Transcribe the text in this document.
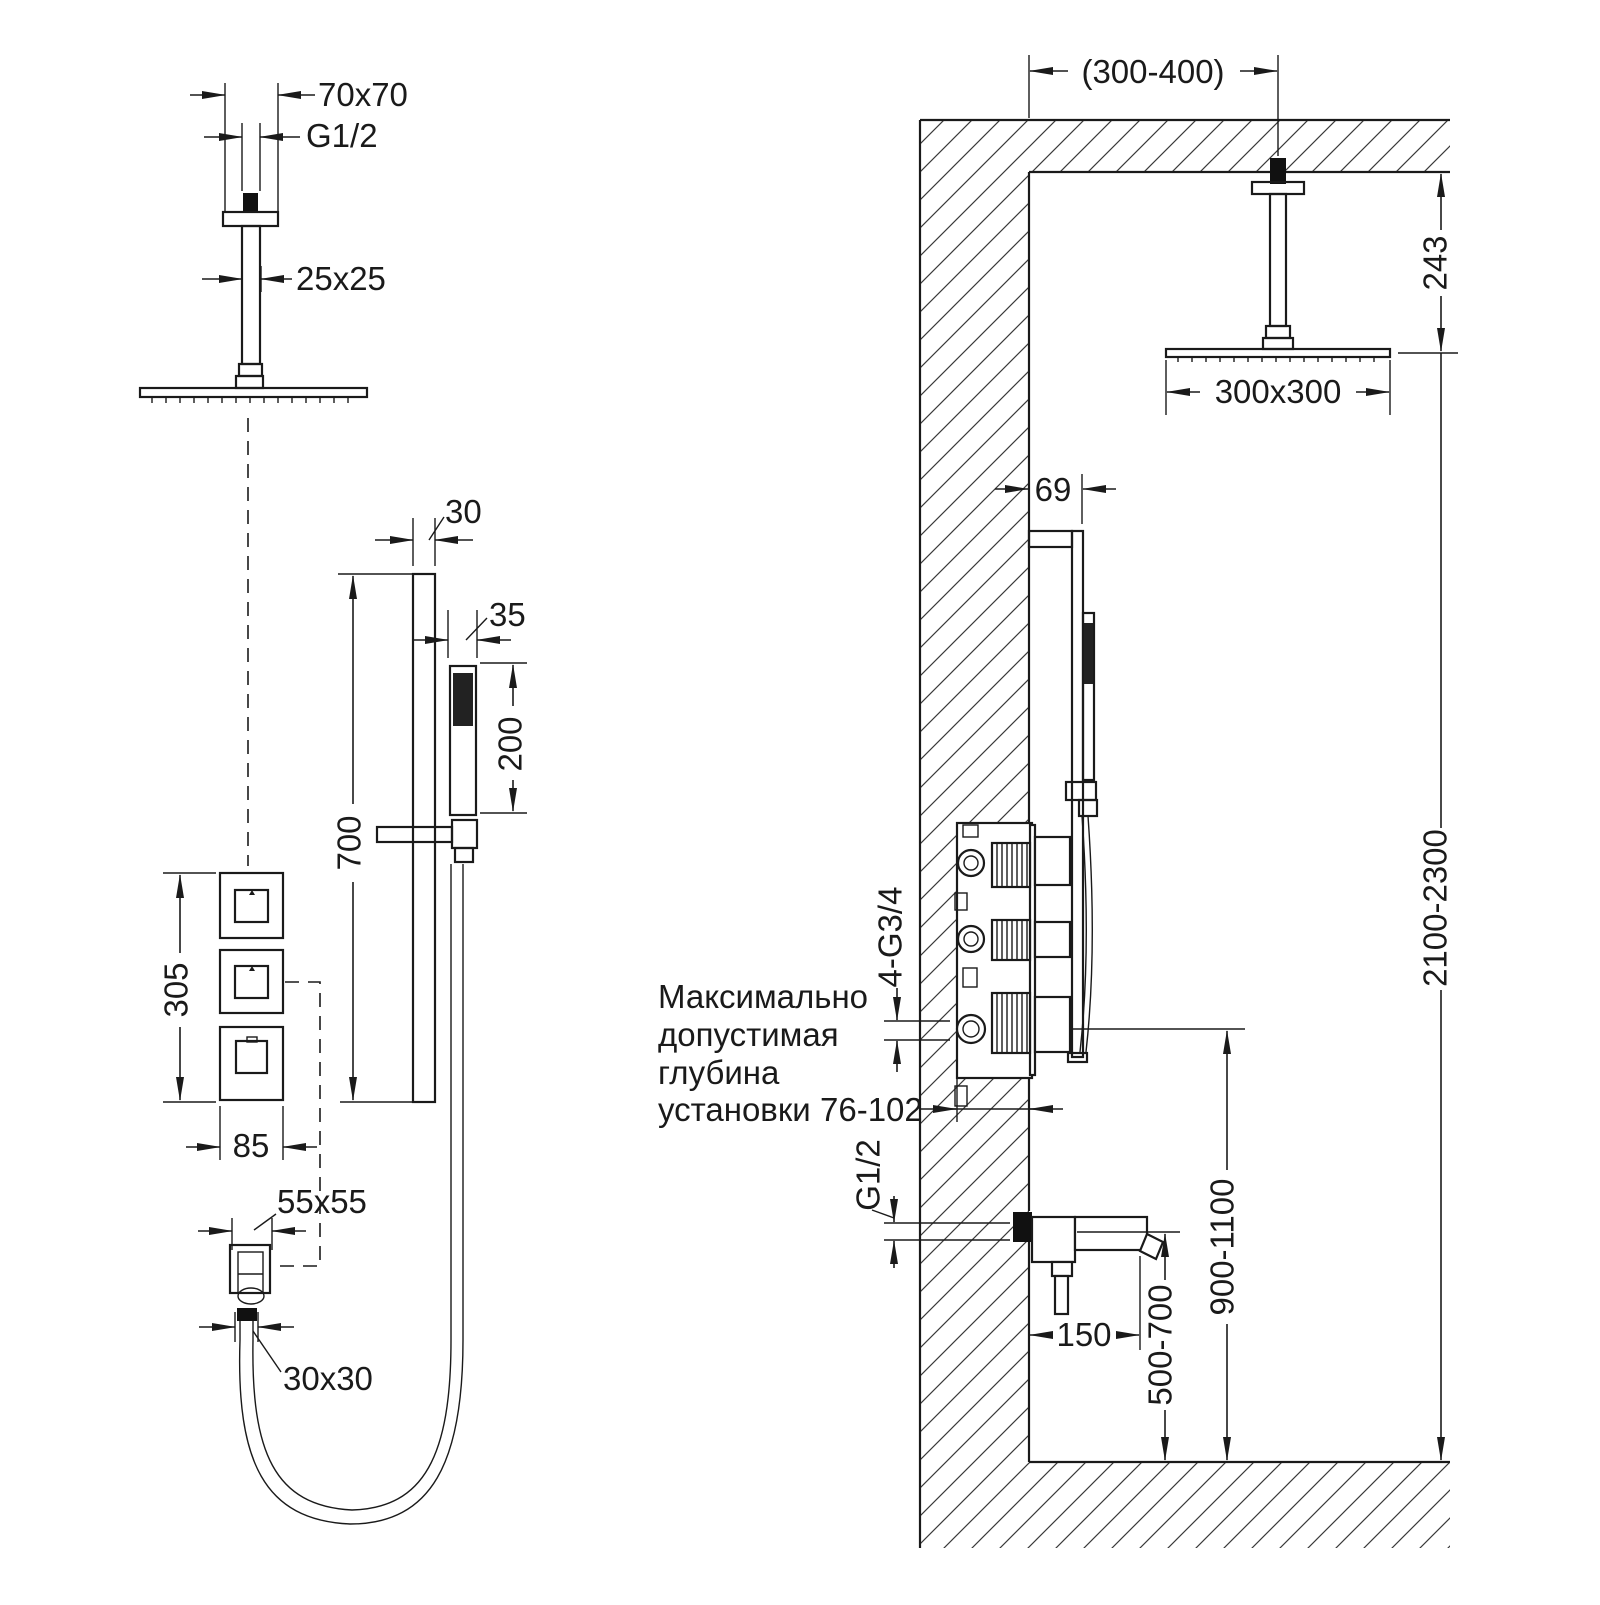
70x70
G1/2
25x25
30
35
200
700
305
85
55x55
30x30
(300-400)
300x300
243
2100-2300
69
4-G3/4
Максимально
допустимая
глубина
установки 76-102
G1/2
150 500-700
900-1100
